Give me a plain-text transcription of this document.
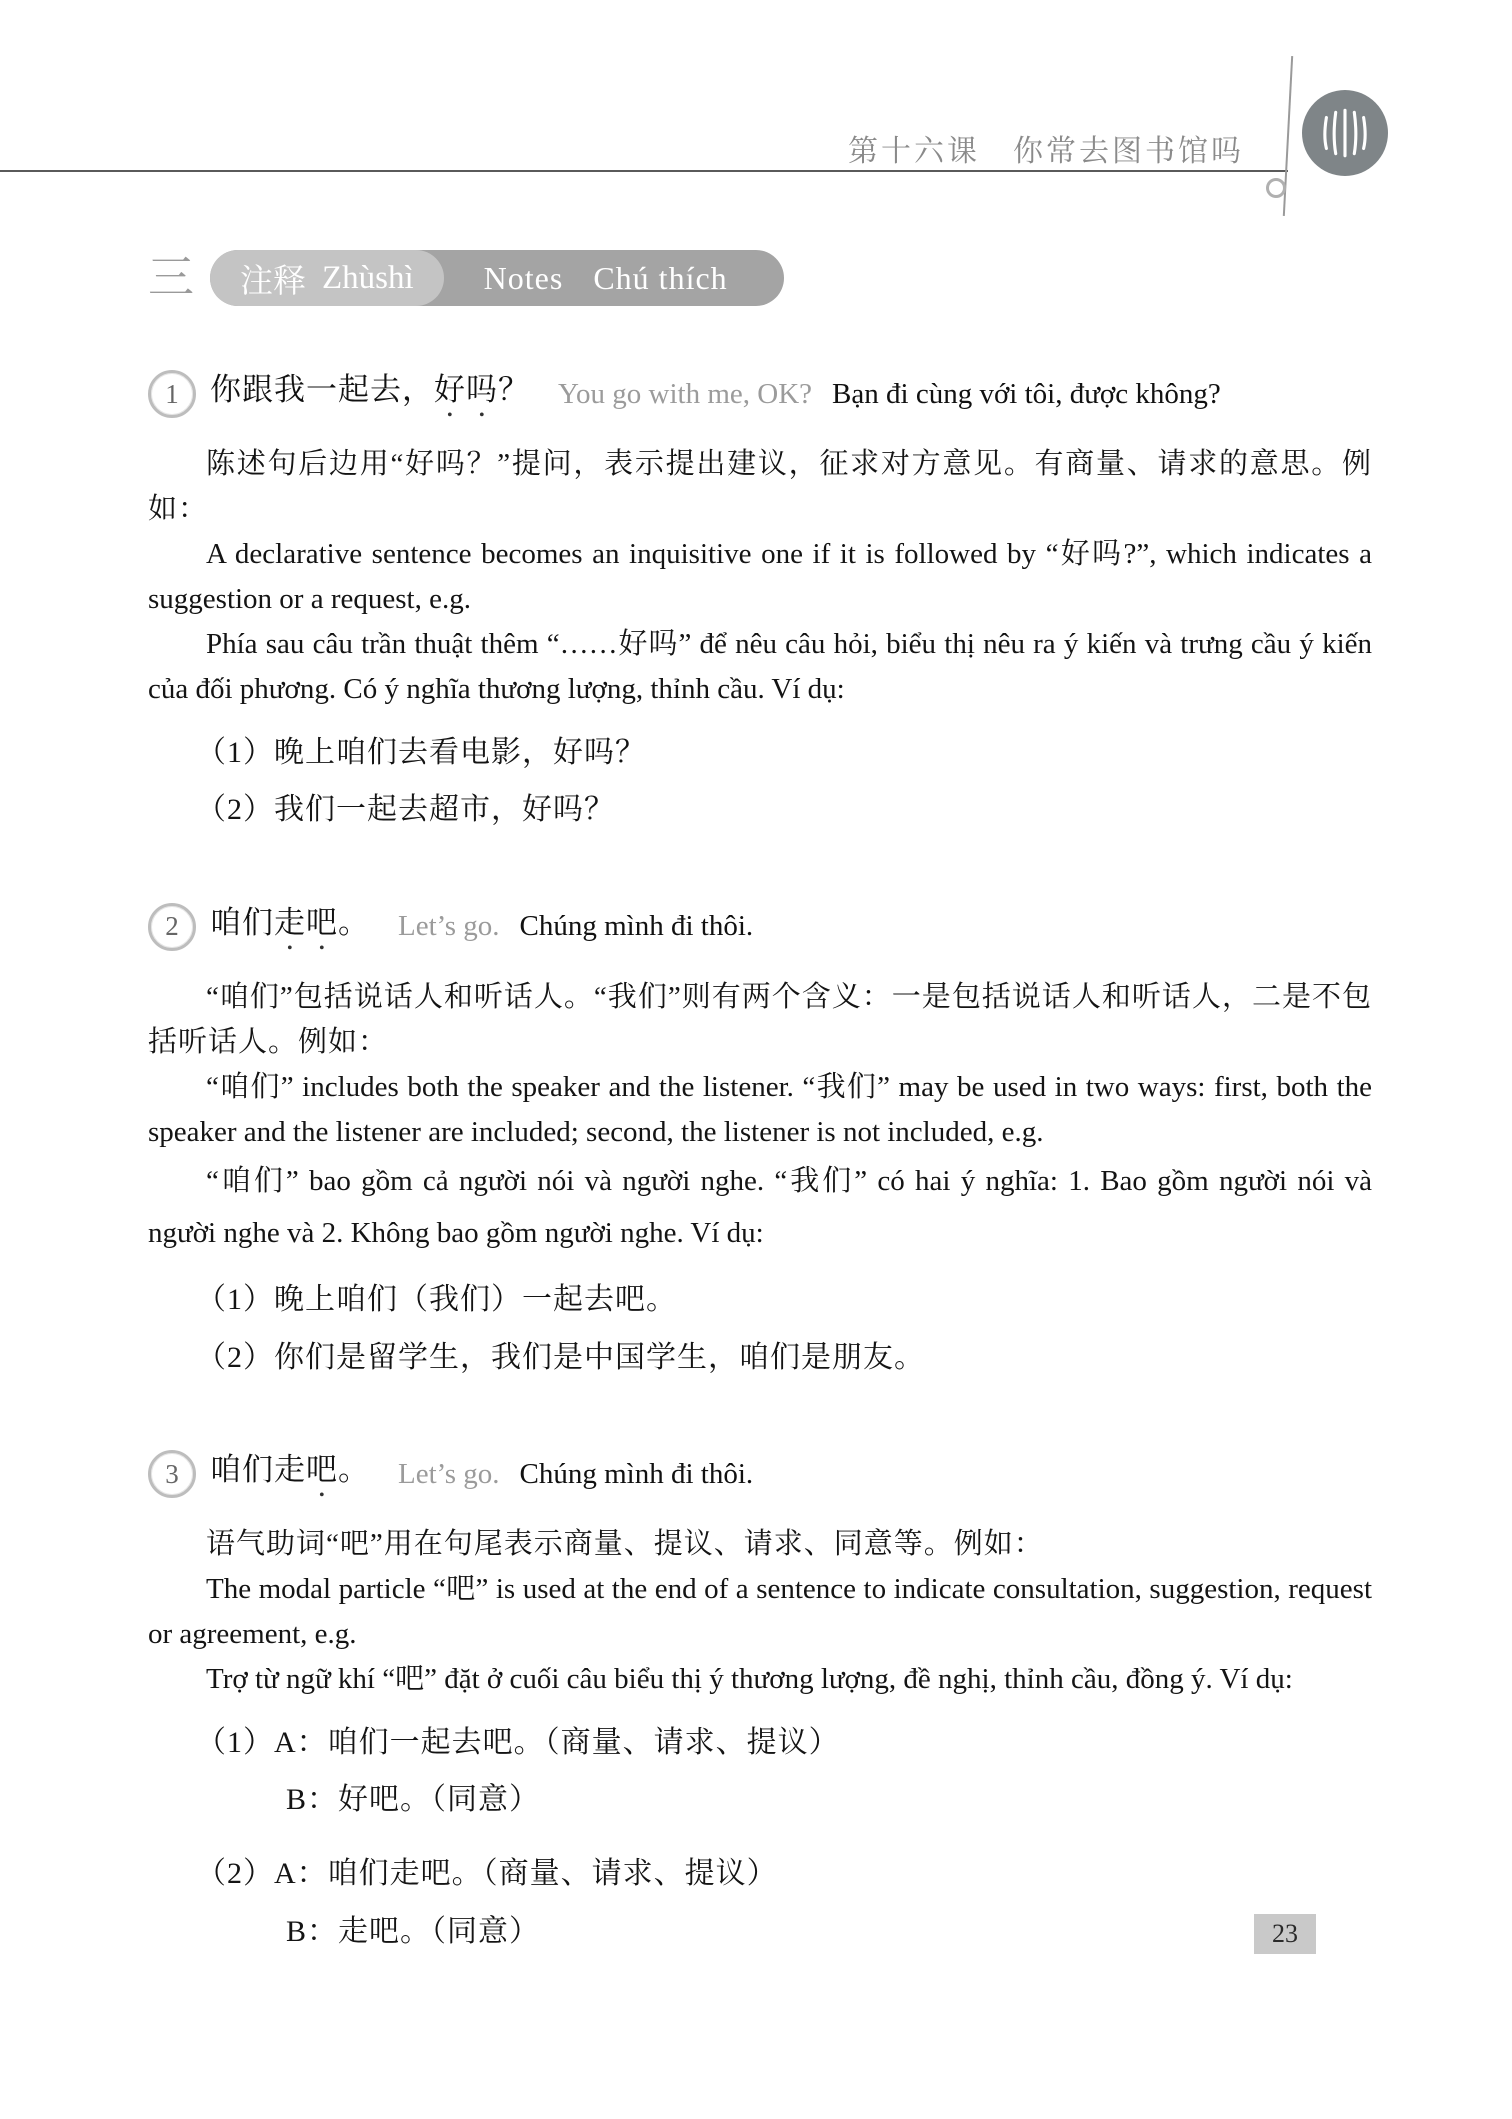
第十六课　你常去图书馆吗
三 注释 Zhùshì Notes Chú thích
1 你跟我一起去，好吗？ You go with me, OK? Bạn đi cùng với tôi, được không?

陈述句后边用“好吗？”提问，表示提出建议，征求对方意见。有商量、请求的意思。例如：

A declarative sentence becomes an inquisitive one if it is followed by “好吗?”, which indicates a suggestion or a request, e.g.

Phía sau câu trần thuật thêm “……好吗” để nêu câu hỏi, biểu thị nêu ra ý kiến và trưng cầu ý kiến của đối phương. Có ý nghĩa thương lượng, thỉnh cầu. Ví dụ:

（1）晚上咱们去看电影，好吗？
（2）我们一起去超市，好吗？
2 咱们走吧。 Let’s go. Chúng mình đi thôi.

“咱们”包括说话人和听话人。“我们”则有两个含义：一是包括说话人和听话人，二是不包括听话人。例如：

“咱们” includes both the speaker and the listener. “我们” may be used in two ways: first, both the speaker and the listener are included; second, the listener is not included, e.g.

“咱们” bao gồm cả người nói và người nghe. “我们” có hai ý nghĩa: 1. Bao gồm người nói và người nghe và 2. Không bao gồm người nghe. Ví dụ:

（1）晚上咱们（我们）一起去吧。
（2）你们是留学生，我们是中国学生，咱们是朋友。
3 咱们走吧。 Let’s go. Chúng mình đi thôi.

语气助词“吧”用在句尾表示商量、提议、请求、同意等。例如：

The modal particle “吧” is used at the end of a sentence to indicate consultation, suggestion, request or agreement, e.g.

Trợ từ ngữ khí “吧” đặt ở cuối câu biểu thị ý thương lượng, đề nghị, thỉnh cầu, đồng ý. Ví dụ:

（1）A：咱们一起去吧。（商量、请求、提议）
B：好吧。（同意）
（2）A：咱们走吧。（商量、请求、提议）
B：走吧。（同意）	23
